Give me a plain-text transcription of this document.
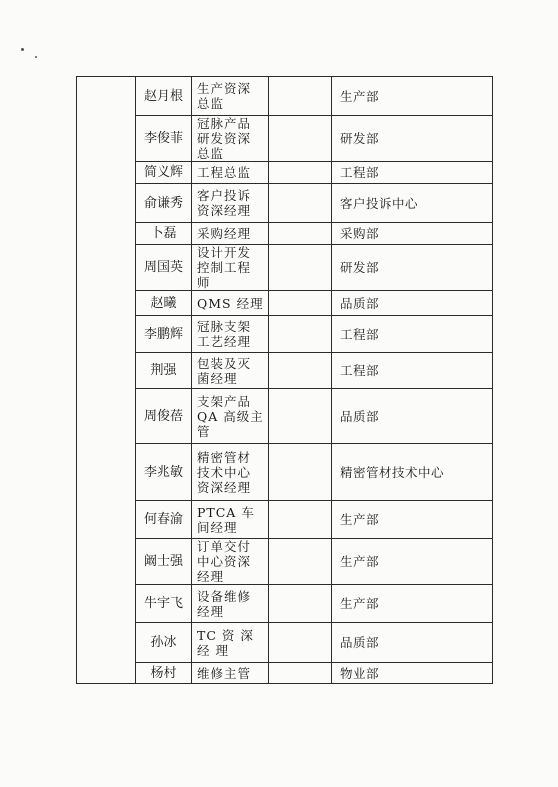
	赵月根	生产资深总监		生产部
	李俊菲	冠脉产品研发资深总监		研发部
	简义辉	工程总监		工程部
	俞谦秀	客户投诉资深经理		客户投诉中心
	卜磊	采购经理		采购部
	周国英	设计开发控制工程师		研发部
	赵曦	QMS 经理		品质部
	李鹏辉	冠脉支架工艺经理		工程部
	荆强	包装及灭菌经理		工程部
	周俊蓓	支架产品QA 高级主管		品质部
	李兆敏	精密管材技术中心资深经理		精密管材技术中心
	何春渝	PTCA 车间经理		生产部
	阚士强	订单交付中心资深经理		生产部
	牛宇飞	设备维修经理		生产部
	孙冰	TC 资 深 经 理		品质部
	杨村	维修主管		物业部
